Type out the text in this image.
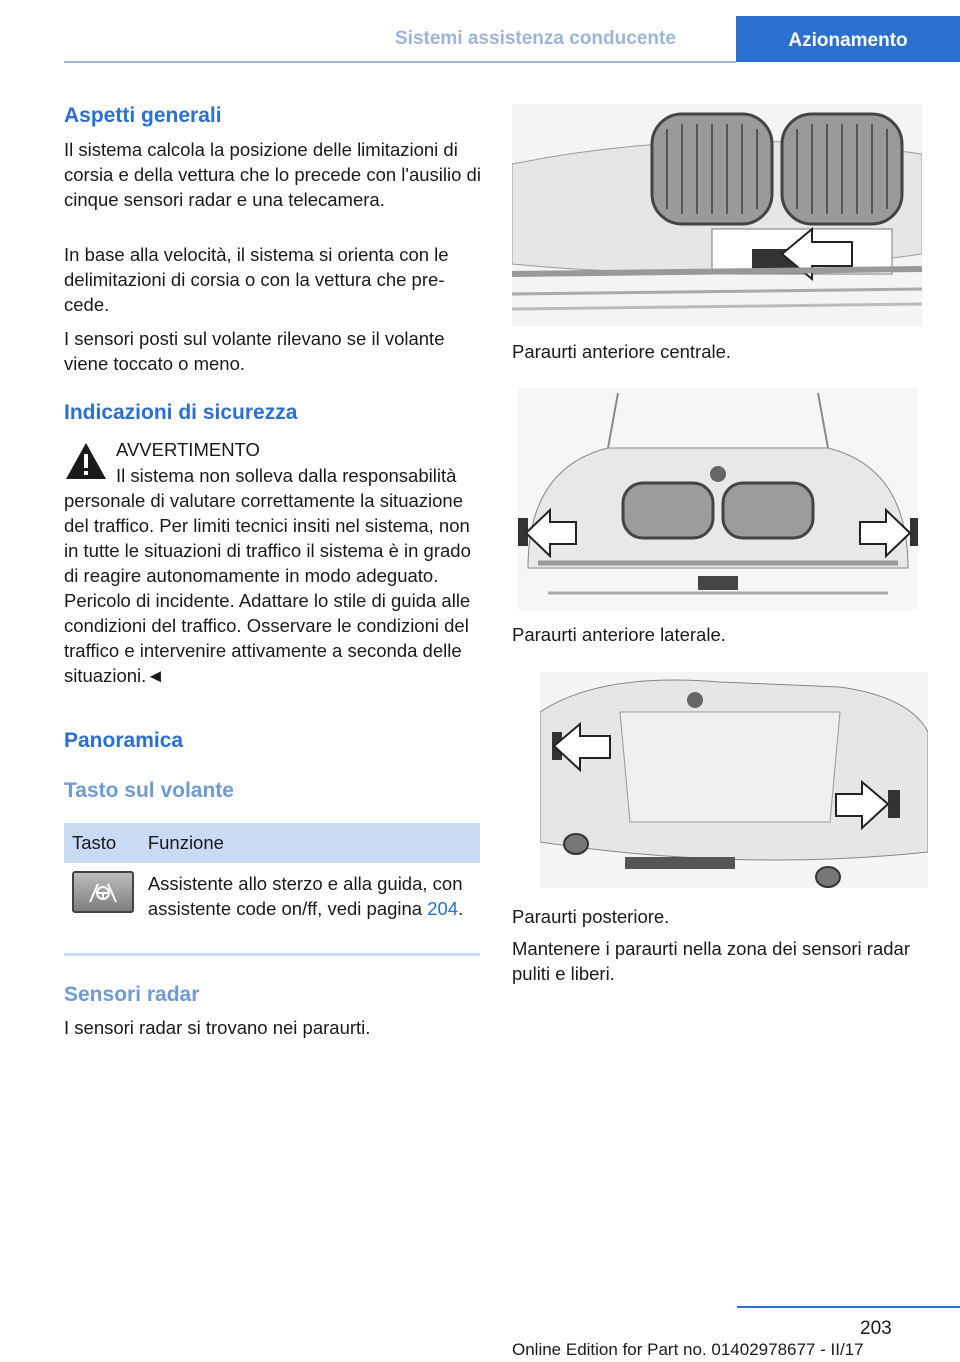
Sistemi assistenza conducente	Azionamento
Aspetti generali
Il sistema calcola la posizione delle limitazioni di corsia e della vettura che lo precede con l'ausilio di cinque sensori radar e una telecamera.
In base alla velocità, il sistema si orienta con le delimitazioni di corsia o con la vettura che precede.
I sensori posti sul volante rilevano se il volante viene toccato o meno.
Indicazioni di sicurezza
AVVERTIMENTO
Il sistema non solleva dalla responsabilità
personale di valutare correttamente la situazione del traffico. Per limiti tecnici insiti nel sistema, non in tutte le situazioni di traffico il sistema è in grado di reagire autonomamente in modo adeguato. Pericolo di incidente. Adattare lo stile di guida alle condizioni del traffico. Osservare le condizioni del traffico e intervenire attivamente a seconda delle situazioni.◄
Panoramica
Tasto sul volante
Tasto	Funzione

	Assistente allo sterzo e alla guida, con assistente code on/ff, vedi pagina 204.
Sensori radar
I sensori radar si trovano nei paraurti.
Paraurti anteriore centrale.
Paraurti anteriore laterale.
Paraurti posteriore.
Mantenere i paraurti nella zona dei sensori radar puliti e liberi.
203
Online Edition for Part no. 01402978677 - II/17
